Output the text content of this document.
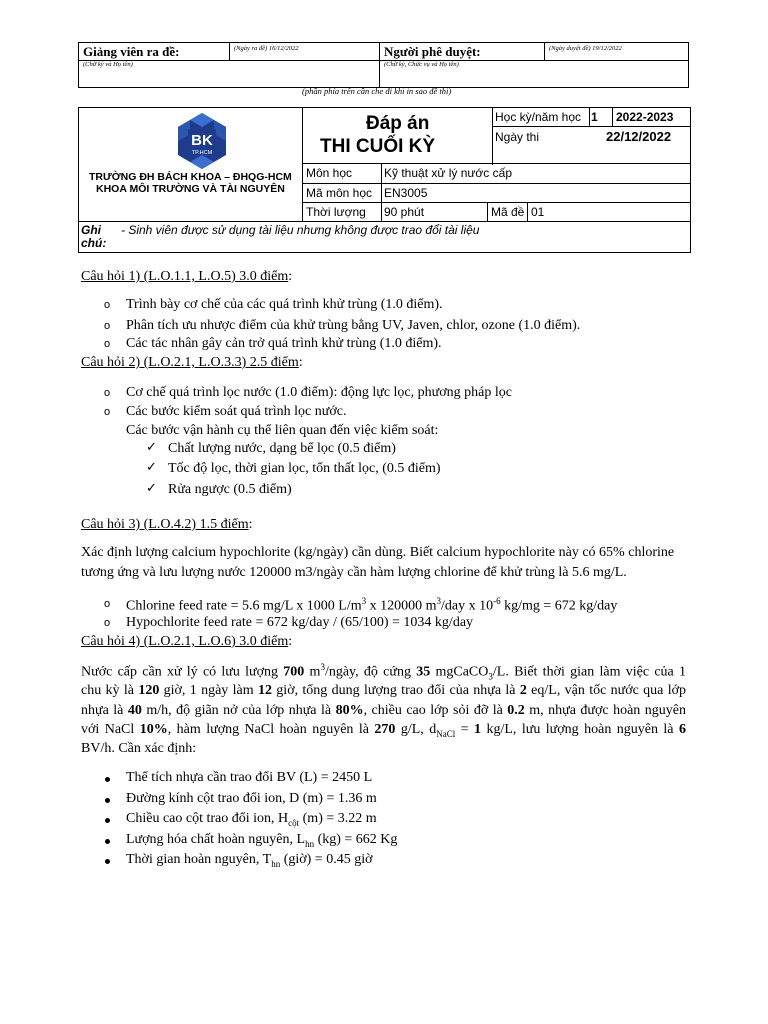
Giảng viên ra đề:	(Ngày ra đề) 16/12/2022
(Chữ ký và Họ tên)
Người phê duyệt:	(Ngày duyệt đề) 19/12/2022
(Chữ ký, Chức vụ và Họ tên)
(phần phía trên cần che đi khi in sao đề thi)
BK
TP.HCM
TRƯỜNG ĐH BÁCH KHOA – ĐHQG-HCM
KHOA MÔI TRƯỜNG VÀ TÀI NGUYÊN
Đáp án
THI CUỐI KỲ
Học kỳ/năm học 1 2022-2023
Ngày thi	22/12/2022
Môn học	Kỹ thuật xử lý nước cấp
Mã môn học EN3005
Thời lượng 90 phút	Mã đề 01
Ghi
chú:
- Sinh viên được sử dụng tài liệu nhưng không được trao đổi tài liệu
Câu hỏi 1) (L.O.1.1, L.O.5) 3.0 điểm:
o Trình bày cơ chế của các quá trình khử trùng (1.0 điểm).
o Phân tích ưu nhược điểm của khử trùng bằng UV, Javen, chlor, ozone (1.0 điểm).
o Các tác nhân gây cản trở quá trình khử trùng (1.0 điểm).
Câu hỏi 2) (L.O.2.1, L.O.3.3) 2.5 điểm:
o Cơ chế quá trình lọc nước (1.0 điểm): động lực lọc, phương pháp lọc
o Các bước kiểm soát quá trình lọc nước.
Các bước vận hành cụ thể liên quan đến việc kiểm soát:
✓ Chất lượng nước, dạng bể lọc (0.5 điểm)
✓ Tốc độ lọc, thời gian lọc, tổn thất lọc, (0.5 điểm)
✓ Rửa ngược (0.5 điểm)
Câu hỏi 3) (L.O.4.2) 1.5 điểm:
Xác định lượng calcium hypochlorite (kg/ngày) cần dùng. Biết calcium hypochlorite này có 65% chlorine
tương ứng và lưu lượng nước 120000 m3/ngày cần hàm lượng chlorine để khử trùng là 5.6 mg/L.
o Chlorine feed rate = 5.6 mg/L x 1000 $L/m^3$ x 120000 $m^3$/day x $10^{-6}$ kg/mg = 672 kg/day
o Hypochlorite feed rate = 672 kg/day / (65/100) = 1034 kg/day
Câu hỏi 4) (L.O.2.1, L.O.6) 3.0 điểm:
Nước cấp cần xử lý có lưu lượng 700 $m^3$/ngày, độ cứng 35 mgCaCO$_3$/L. Biết thời gian làm việc của 1
chu kỳ là 120 giờ, 1 ngày làm 12 giờ, tổng dung lượng trao đổi của nhựa là 2 eq/L, vận tốc nước qua lớp
nhựa là 40 m/h, độ giãn nở của lớp nhựa là 80%, chiều cao lớp sỏi đỡ là 0.2 m, nhựa được hoàn nguyên
với NaCl 10%, hàm lượng NaCl hoàn nguyên là 270 g/L, $d_{NaCl} = 1$ kg/L, lưu lượng hoàn nguyên là 6
BV/h. Cần xác định:
Thể tích nhựa cần trao đổi BV (L) = 2450 L
Đường kính cột trao đổi ion, D (m) = 1.36 m
Chiều cao cột trao đổi ion, $H_{cột}$ (m) = 3.22 m
Lượng hóa chất hoàn nguyên, $L_{hn}$ (kg) = 662 Kg
Thời gian hoàn nguyên, $T_{hn}$ (giờ) = 0.45 giờ
